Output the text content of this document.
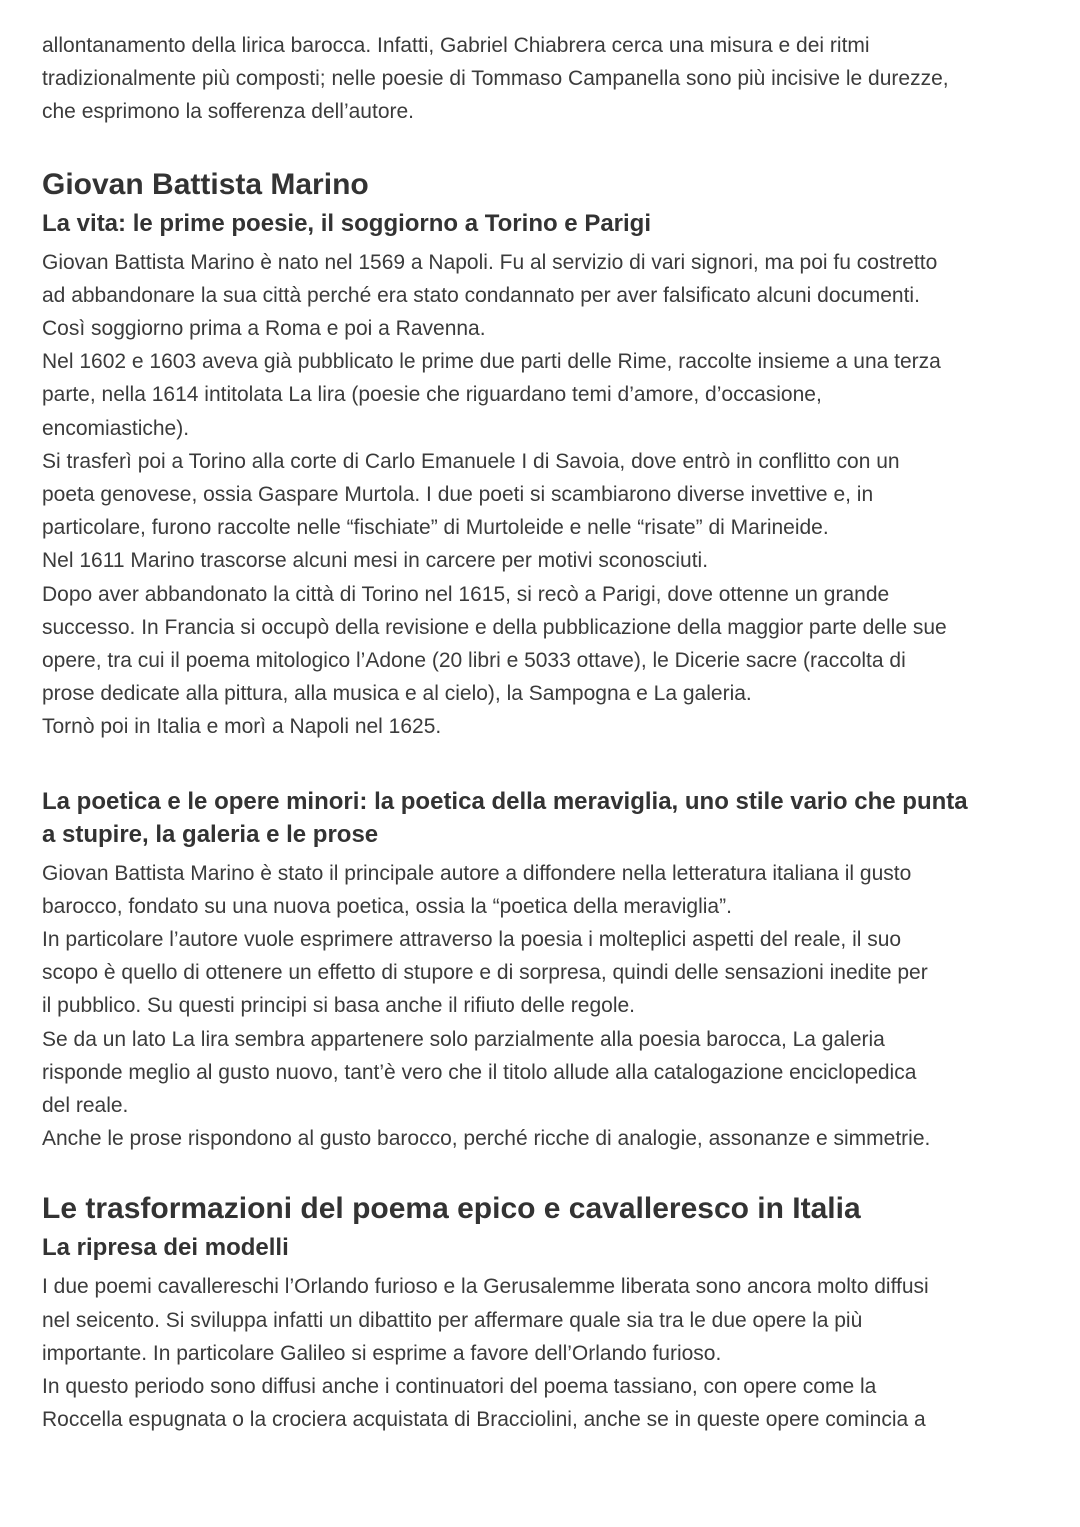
allontanamento della lirica barocca. Infatti, Gabriel Chiabrera cerca una misura e dei ritmi
tradizionalmente più composti; nelle poesie di Tommaso Campanella sono più incisive le durezze,
che esprimono la sofferenza dell’autore.
Giovan Battista Marino
La vita: le prime poesie, il soggiorno a Torino e Parigi
Giovan Battista Marino è nato nel 1569 a Napoli. Fu al servizio di vari signori, ma poi fu costretto
ad abbandonare la sua città perché era stato condannato per aver falsificato alcuni documenti.
Così soggiorno prima a Roma e poi a Ravenna.
Nel 1602 e 1603 aveva già pubblicato le prime due parti delle Rime, raccolte insieme a una terza
parte, nella 1614 intitolata La lira (poesie che riguardano temi d’amore, d’occasione,
encomiastiche).
Si trasferì poi a Torino alla corte di Carlo Emanuele I di Savoia, dove entrò in conflitto con un
poeta genovese, ossia Gaspare Murtola. I due poeti si scambiarono diverse invettive e, in
particolare, furono raccolte nelle “fischiate” di Murtoleide e nelle “risate” di Marineide.
Nel 1611 Marino trascorse alcuni mesi in carcere per motivi sconosciuti.
Dopo aver abbandonato la città di Torino nel 1615, si recò a Parigi, dove ottenne un grande
successo. In Francia si occupò della revisione e della pubblicazione della maggior parte delle sue
opere, tra cui il poema mitologico l’Adone (20 libri e 5033 ottave), le Dicerie sacre (raccolta di
prose dedicate alla pittura, alla musica e al cielo), la Sampogna e La galeria.
Tornò poi in Italia e morì a Napoli nel 1625.
La poetica e le opere minori: la poetica della meraviglia, uno stile vario che punta
a stupire, la galeria e le prose
Giovan Battista Marino è stato il principale autore a diffondere nella letteratura italiana il gusto
barocco, fondato su una nuova poetica, ossia la “poetica della meraviglia”.
In particolare l’autore vuole esprimere attraverso la poesia i molteplici aspetti del reale, il suo
scopo è quello di ottenere un effetto di stupore e di sorpresa, quindi delle sensazioni inedite per
il pubblico. Su questi principi si basa anche il rifiuto delle regole.
Se da un lato La lira sembra appartenere solo parzialmente alla poesia barocca, La galeria
risponde meglio al gusto nuovo, tant’è vero che il titolo allude alla catalogazione enciclopedica
del reale.
Anche le prose rispondono al gusto barocco, perché ricche di analogie, assonanze e simmetrie.
Le trasformazioni del poema epico e cavalleresco in Italia
La ripresa dei modelli
I due poemi cavallereschi l’Orlando furioso e la Gerusalemme liberata sono ancora molto diffusi
nel seicento. Si sviluppa infatti un dibattito per affermare quale sia tra le due opere la più
importante. In particolare Galileo si esprime a favore dell’Orlando furioso.
In questo periodo sono diffusi anche i continuatori del poema tassiano, con opere come la
Roccella espugnata o la crociera acquistata di Bracciolini, anche se in queste opere comincia a
